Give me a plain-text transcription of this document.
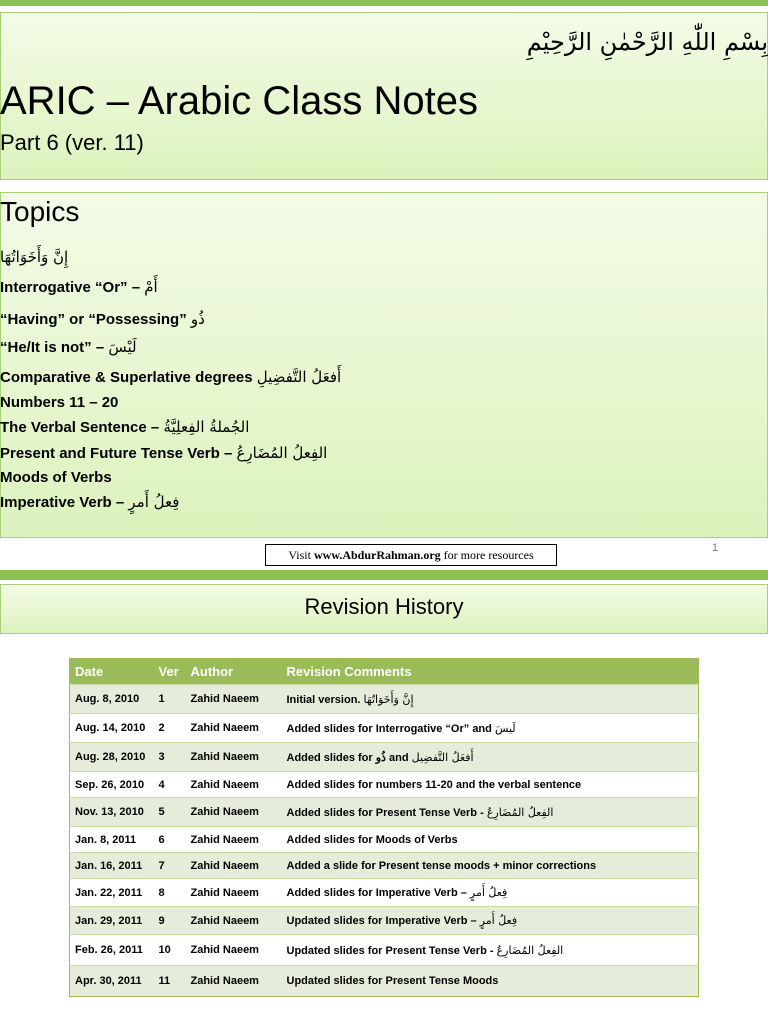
بِسْمِ اللّٰهِ الرَّحْمٰنِ الرَّحِيْمِ
ARIC – Arabic Class Notes
Part 6 (ver. 11)
Topics
إِنَّ وَأَخَوَاتُهَا
Interrogative “Or” – أَمْ
“Having” or “Possessing” ذُو
“He/It is not” – لَيْسَ
Comparative & Superlative degrees أَفعَلُ التَّفضِيلِ
Numbers 11 – 20
The Verbal Sentence – الجُملةُ الفِعلِيَّةُ
Present and Future Tense Verb – الفِعلُ المُضَارِعُ
Moods of Verbs
Imperative Verb – فِعلُ أَمرٍ
Visit www.AbdurRahman.org for more resources	1
Revision History
Date	Ver	Author	Revision Comments
Aug. 8, 2010	1	Zahid Naeem	Initial version. إِنَّ وَأَخَوَاتُهَا
Aug. 14, 2010	2	Zahid Naeem	Added slides for Interrogative “Or” and لَيسَ
Aug. 28, 2010	3	Zahid Naeem	Added slides for ذُو and أَفعَلُ التَّفضِيل
Sep. 26, 2010	4	Zahid Naeem	Added slides for numbers 11-20 and the verbal sentence
Nov. 13, 2010	5	Zahid Naeem	Added slides for Present Tense Verb - الفِعلُ المُضَارِعُ
Jan. 8, 2011	6	Zahid Naeem	Added slides for Moods of Verbs
Jan. 16, 2011	7	Zahid Naeem	Added a slide for Present tense moods + minor corrections
Jan. 22, 2011	8	Zahid Naeem	Added slides for Imperative Verb – فِعلُ أَمرٍ
Jan. 29, 2011	9	Zahid Naeem	Updated slides for Imperative Verb – فِعلُ أَمرٍ
Feb. 26, 2011	10	Zahid Naeem	Updated slides for Present Tense Verb - الفِعلُ المُضَارِعُ
Apr. 30, 2011	11	Zahid Naeem	Updated slides for Present Tense Moods
